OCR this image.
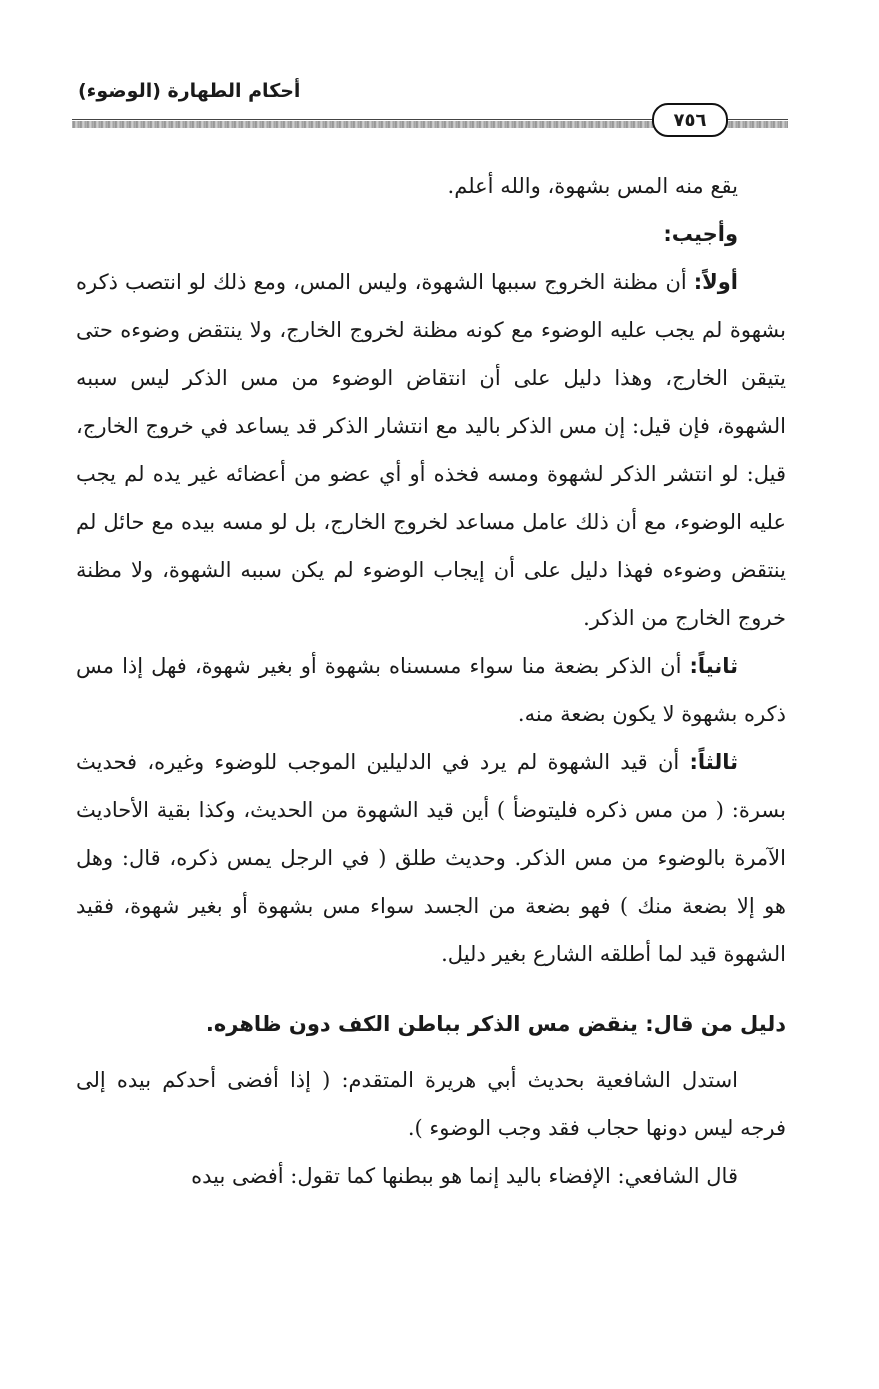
أحكام الطهارة (الوضوء)
٧٥٦

يقع منه المس بشهوة، والله أعلم.

وأجيب:

أولاً: أن مظنة الخروج سببها الشهوة، وليس المس، ومع ذلك لو انتصب ذكره بشهوة لم يجب عليه الوضوء مع كونه مظنة لخروج الخارج، ولا ينتقض وضوءه حتى يتيقن الخارج، وهذا دليل على أن انتقاض الوضوء من مس الذكر ليس سببه الشهوة، فإن قيل: إن مس الذكر باليد مع انتشار الذكر قد يساعد في خروج الخارج، قيل: لو انتشر الذكر لشهوة ومسه فخذه أو أي عضو من أعضائه غير يده لم يجب عليه الوضوء، مع أن ذلك عامل مساعد لخروج الخارج، بل لو مسه بيده مع حائل لم ينتقض وضوءه فهذا دليل على أن إيجاب الوضوء لم يكن سببه الشهوة، ولا مظنة خروج الخارج من الذكر.

ثانياً: أن الذكر بضعة منا سواء مسسناه بشهوة أو بغير شهوة، فهل إذا مس ذكره بشهوة لا يكون بضعة منه.

ثالثاً: أن قيد الشهوة لم يرد في الدليلين الموجب للوضوء وغيره، فحديث بسرة: ( من مس ذكره فليتوضأ ) أين قيد الشهوة من الحديث، وكذا بقية الأحاديث الآمرة بالوضوء من مس الذكر. وحديث طلق ( في الرجل يمس ذكره، قال: وهل هو إلا بضعة منك ) فهو بضعة من الجسد سواء مس بشهوة أو بغير شهوة، فقيد الشهوة قيد لما أطلقه الشارع بغير دليل.

دليل من قال: ينقض مس الذكر بباطن الكف دون ظاهره.

استدل الشافعية بحديث أبي هريرة المتقدم: ( إذا أفضى أحدكم بيده إلى فرجه ليس دونها حجاب فقد وجب الوضوء ).

قال الشافعي: الإفضاء باليد إنما هو ببطنها كما تقول: أفضى بيده
